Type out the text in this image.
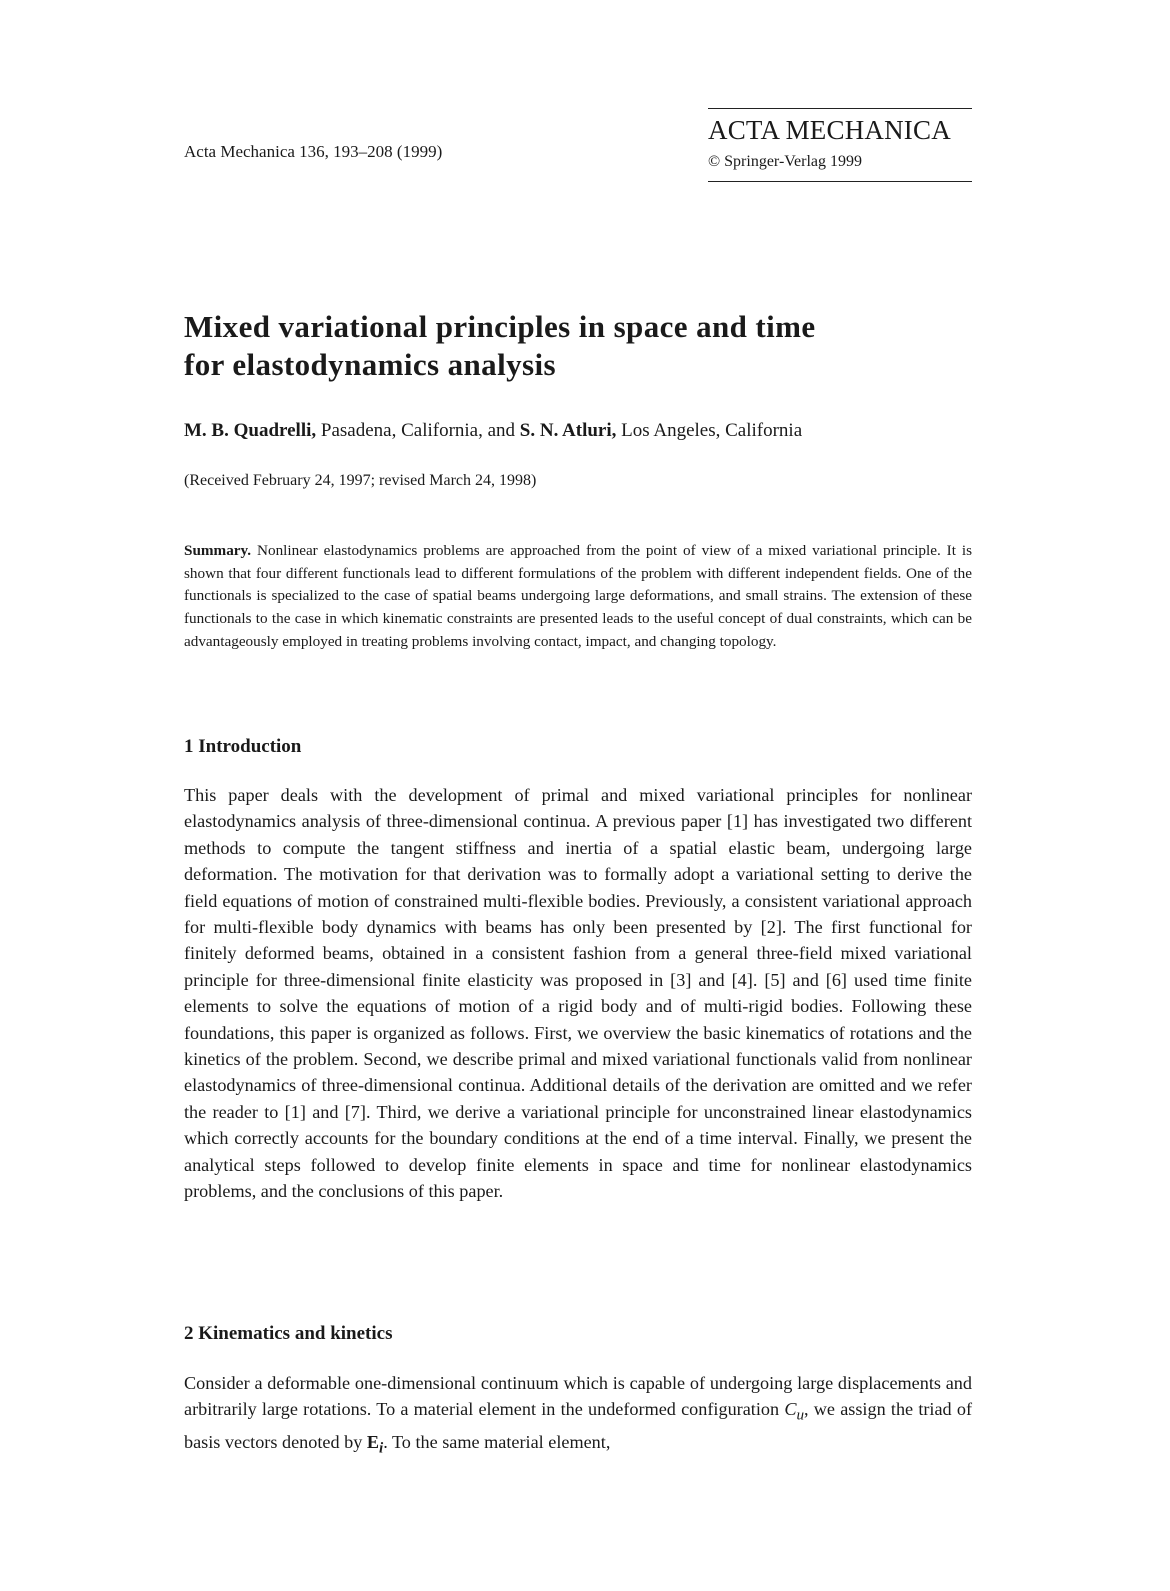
Acta Mechanica 136, 193–208 (1999)
ACTA MECHANICA
© Springer-Verlag 1999
Mixed variational principles in space and time
for elastodynamics analysis
M. B. Quadrelli, Pasadena, California, and S. N. Atluri, Los Angeles, California
(Received February 24, 1997; revised March 24, 1998)
Summary. Nonlinear elastodynamics problems are approached from the point of view of a mixed variational principle. It is shown that four different functionals lead to different formulations of the problem with different independent fields. One of the functionals is specialized to the case of spatial beams undergoing large deformations, and small strains. The extension of these functionals to the case in which kinematic constraints are presented leads to the useful concept of dual constraints, which can be advantageously employed in treating problems involving contact, impact, and changing topology.
1 Introduction
This paper deals with the development of primal and mixed variational principles for nonlinear elastodynamics analysis of three-dimensional continua. A previous paper [1] has investigated two different methods to compute the tangent stiffness and inertia of a spatial elastic beam, undergoing large deformation. The motivation for that derivation was to formally adopt a variational setting to derive the field equations of motion of constrained multi-flexible bodies. Previously, a consistent variational approach for multi-flexible body dynamics with beams has only been presented by [2]. The first functional for finitely deformed beams, obtained in a consistent fashion from a general three-field mixed variational principle for three-dimensional finite elasticity was proposed in [3] and [4]. [5] and [6] used time finite elements to solve the equations of motion of a rigid body and of multi-rigid bodies. Following these foundations, this paper is organized as follows. First, we overview the basic kinematics of rotations and the kinetics of the problem. Second, we describe primal and mixed variational functionals valid from nonlinear elastodynamics of three-dimensional continua. Additional details of the derivation are omitted and we refer the reader to [1] and [7]. Third, we derive a variational principle for unconstrained linear elastodynamics which correctly accounts for the boundary conditions at the end of a time interval. Finally, we present the analytical steps followed to develop finite elements in space and time for nonlinear elastodynamics problems, and the conclusions of this paper.
2 Kinematics and kinetics
Consider a deformable one-dimensional continuum which is capable of undergoing large displacements and arbitrarily large rotations. To a material element in the undeformed configuration $C_u$, we assign the triad of basis vectors denoted by $E_i$. To the same material element,
